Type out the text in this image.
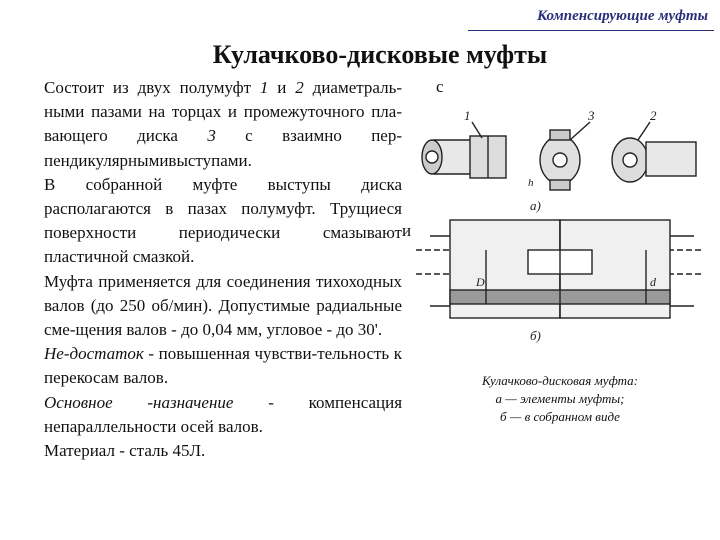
Компенсирующие муфты
Кулачково-дисковые муфты

Состоит из двух полумуфт 1 и 2 диаметраль-ными пазами на торцах и промежуточного пла-вающего диска 3 с взаимно пер-пендикулярнымивыступами.

В собранной муфте выступы диска располагаются в пазах полумуфт. Трущиеся поверхности периодически смазывают пластичной смазкой.

Муфта применяется для соединения тихоходных валов (до 250 об/мин). Допустимые радиальные сме-щения валов - до 0,04 мм, угловое - до 30'.

Не-достаток - повышенная чувстви-тельность к перекосам валов.

Основное -назначение - компенсация непараллельности осей валов.

Материал - сталь 45Л.

с
и
1	3	2
h
а)
D	d
б)
Кулачково-дисковая муфта:
а — элементы муфты;
б — в собранном виде
